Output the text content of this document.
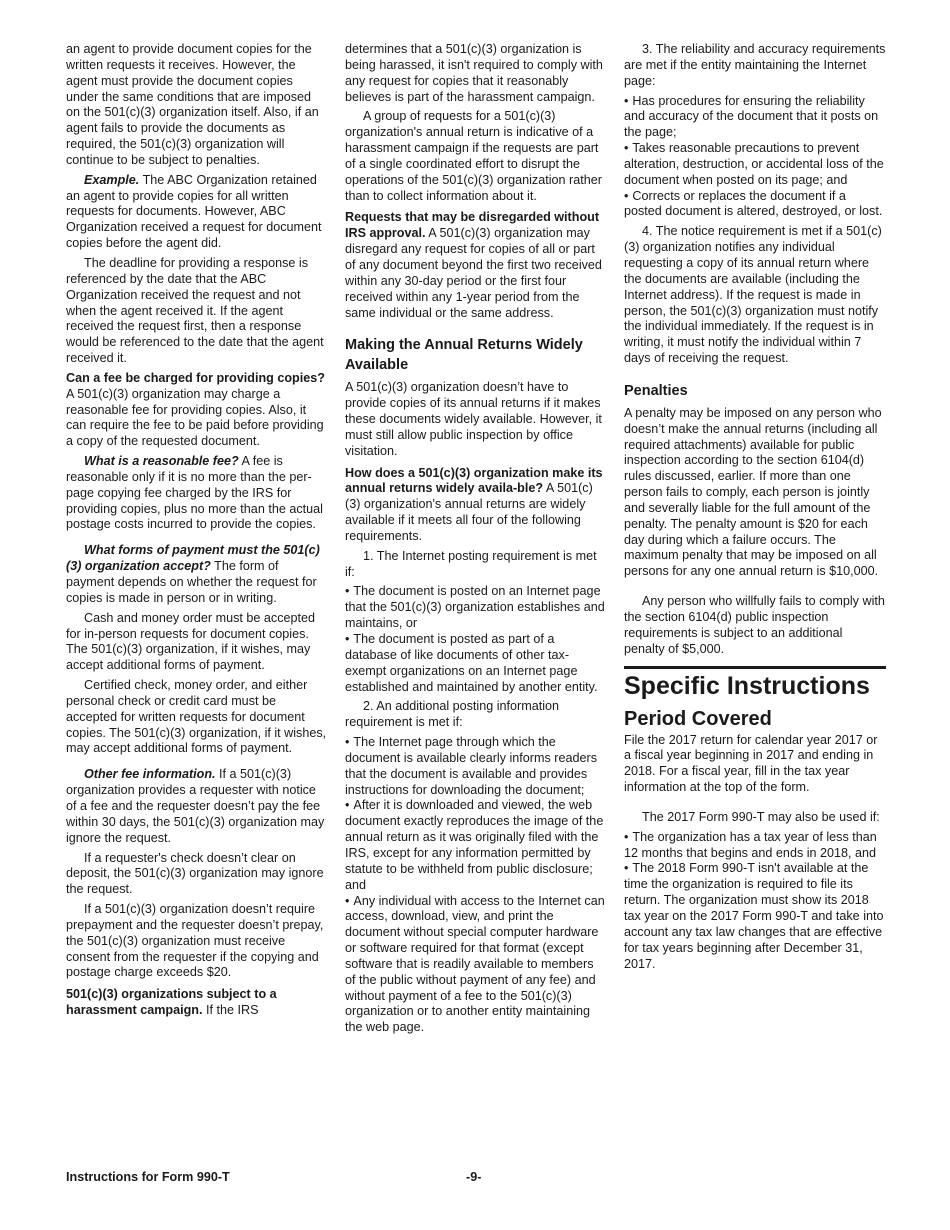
an agent to provide document copies for the written requests it receives. However, the agent must provide the document copies under the same conditions that are imposed on the 501(c)(3) organization itself. Also, if an agent fails to provide the documents as required, the 501(c)(3) organization will continue to be subject to penalties.

Example. The ABC Organization retained an agent to provide copies for all written requests for documents. However, ABC Organization received a request for document copies before the agent did.

The deadline for providing a response is referenced by the date that the ABC Organization received the request and not when the agent received it. If the agent received the request first, then a response would be referenced to the date that the agent received it.

Can a fee be charged for providing copies? A 501(c)(3) organization may charge a reasonable fee for providing copies. Also, it can require the fee to be paid before providing a copy of the requested document.

What is a reasonable fee? A fee is reasonable only if it is no more than the per-page copying fee charged by the IRS for providing copies, plus no more than the actual postage costs incurred to provide the copies.

What forms of payment must the 501(c)(3) organization accept? The form of payment depends on whether the request for copies is made in person or in writing.

Cash and money order must be accepted for in-person requests for document copies. The 501(c)(3) organization, if it wishes, may accept additional forms of payment.

Certified check, money order, and either personal check or credit card must be accepted for written requests for document copies. The 501(c)(3) organization, if it wishes, may accept additional forms of payment.

Other fee information. If a 501(c)(3) organization provides a requester with notice of a fee and the requester doesn’t pay the fee within 30 days, the 501(c)(3) organization may ignore the request.

If a requester's check doesn’t clear on deposit, the 501(c)(3) organization may ignore the request.

If a 501(c)(3) organization doesn’t require prepayment and the requester doesn’t prepay, the 501(c)(3) organization must receive consent from the requester if the copying and postage charge exceeds $20.

501(c)(3) organizations subject to a harassment campaign. If the IRS

determines that a 501(c)(3) organization is being harassed, it isn't required to comply with any request for copies that it reasonably believes is part of the harassment campaign.

A group of requests for a 501(c)(3) organization's annual return is indicative of a harassment campaign if the requests are part of a single coordinated effort to disrupt the operations of the 501(c)(3) organization rather than to collect information about it.

Requests that may be disregarded without IRS approval. A 501(c)(3) organization may disregard any request for copies of all or part of any document beyond the first two received within any 30-day period or the first four received within any 1-year period from the same individual or the same address.

Making the Annual Returns Widely Available

A 501(c)(3) organization doesn’t have to provide copies of its annual returns if it makes these documents widely available. However, it must still allow public inspection by office visitation.

How does a 501(c)(3) organization make its annual returns widely availa-ble? A 501(c)(3) organization's annual returns are widely available if it meets all four of the following requirements.

1. The Internet posting requirement is met if:

• The document is posted on an Internet page that the 501(c)(3) organization establishes and maintains, or

• The document is posted as part of a database of like documents of other tax-exempt organizations on an Internet page established and maintained by another entity.

2. An additional posting information requirement is met if:

• The Internet page through which the document is available clearly informs readers that the document is available and provides instructions for downloading the document;

• After it is downloaded and viewed, the web document exactly reproduces the image of the annual return as it was originally filed with the IRS, except for any information permitted by statute to be withheld from public disclosure; and

• Any individual with access to the Internet can access, download, view, and print the document without special computer hardware or software required for that format (except software that is readily available to members of the public without payment of any fee) and without payment of a fee to the 501(c)(3) organization or to another entity maintaining the web page.

3. The reliability and accuracy requirements are met if the entity maintaining the Internet page:

• Has procedures for ensuring the reliability and accuracy of the document that it posts on the page;

• Takes reasonable precautions to prevent alteration, destruction, or accidental loss of the document when posted on its page; and

• Corrects or replaces the document if a posted document is altered, destroyed, or lost.

4. The notice requirement is met if a 501(c)(3) organization notifies any individual requesting a copy of its annual return where the documents are available (including the Internet address). If the request is made in person, the 501(c)(3) organization must notify the individual immediately. If the request is in writing, it must notify the individual within 7 days of receiving the request.

Penalties

A penalty may be imposed on any person who doesn’t make the annual returns (including all required attachments) available for public inspection according to the section 6104(d) rules discussed, earlier. If more than one person fails to comply, each person is jointly and severally liable for the full amount of the penalty. The penalty amount is $20 for each day during which a failure occurs. The maximum penalty that may be imposed on all persons for any one annual return is $10,000.

Any person who willfully fails to comply with the section 6104(d) public inspection requirements is subject to an additional penalty of $5,000.

Specific Instructions
Period Covered

File the 2017 return for calendar year 2017 or a fiscal year beginning in 2017 and ending in 2018. For a fiscal year, fill in the tax year information at the top of the form.

The 2017 Form 990-T may also be used if:

• The organization has a tax year of less than 12 months that begins and ends in 2018, and

• The 2018 Form 990-T isn't available at the time the organization is required to file its return. The organization must show its 2018 tax year on the 2017 Form 990-T and take into account any tax law changes that are effective for tax years beginning after December 31, 2017.

Instructions for Form 990-T	-9-
